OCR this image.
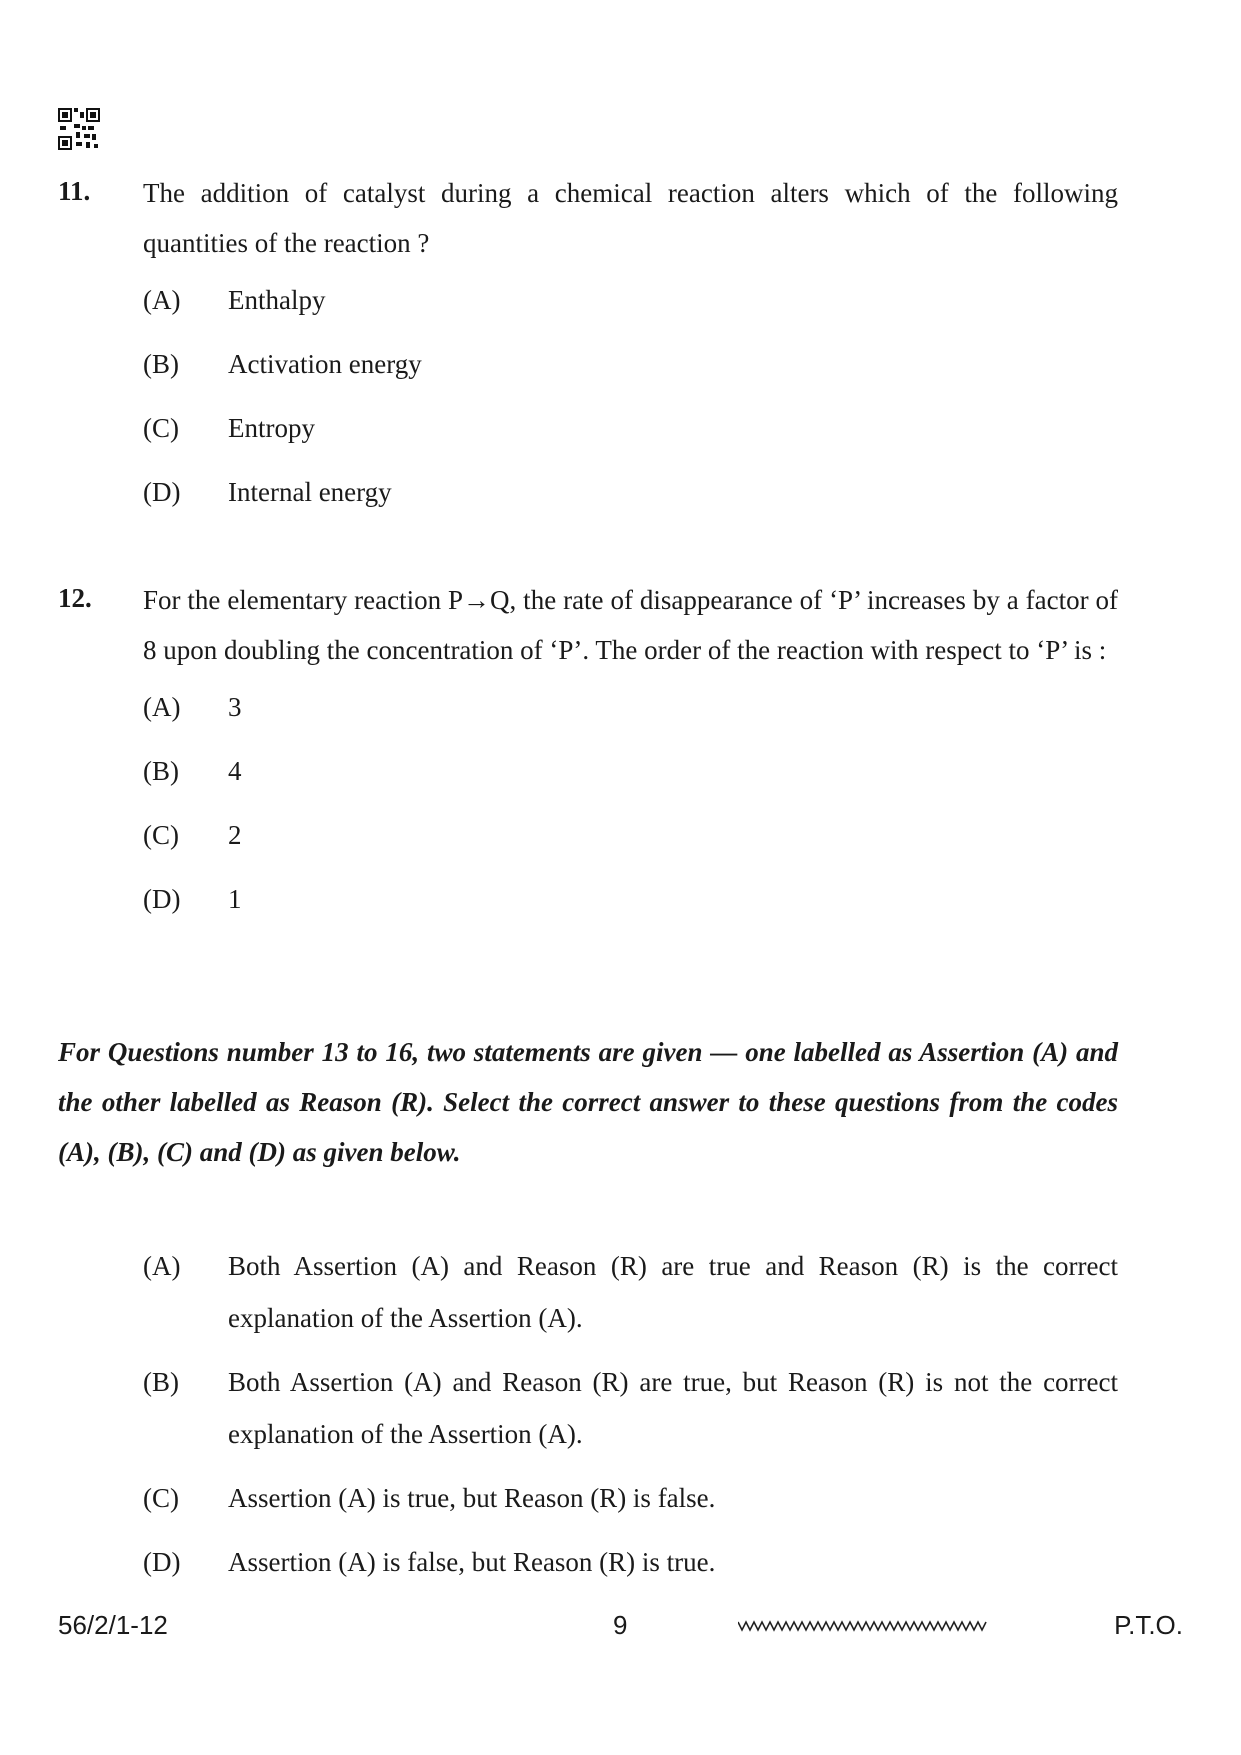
11. The addition of catalyst during a chemical reaction alters which of the following quantities of the reaction ?
(A) Enthalpy
(B) Activation energy
(C) Entropy
(D) Internal energy
12. For the elementary reaction P→Q, the rate of disappearance of ‘P’ increases by a factor of 8 upon doubling the concentration of ‘P’. The order of the reaction with respect to ‘P’ is :
(A) 3
(B) 4
(C) 2
(D) 1
For Questions number 13 to 16, two statements are given — one labelled as Assertion (A) and the other labelled as Reason (R). Select the correct answer to these questions from the codes (A), (B), (C) and (D) as given below.
(A) Both Assertion (A) and Reason (R) are true and Reason (R) is the correct explanation of the Assertion (A).
(B) Both Assertion (A) and Reason (R) are true, but Reason (R) is not the correct explanation of the Assertion (A).
(C) Assertion (A) is true, but Reason (R) is false.
(D) Assertion (A) is false, but Reason (R) is true.
56/2/1-12	9	P.T.O.
